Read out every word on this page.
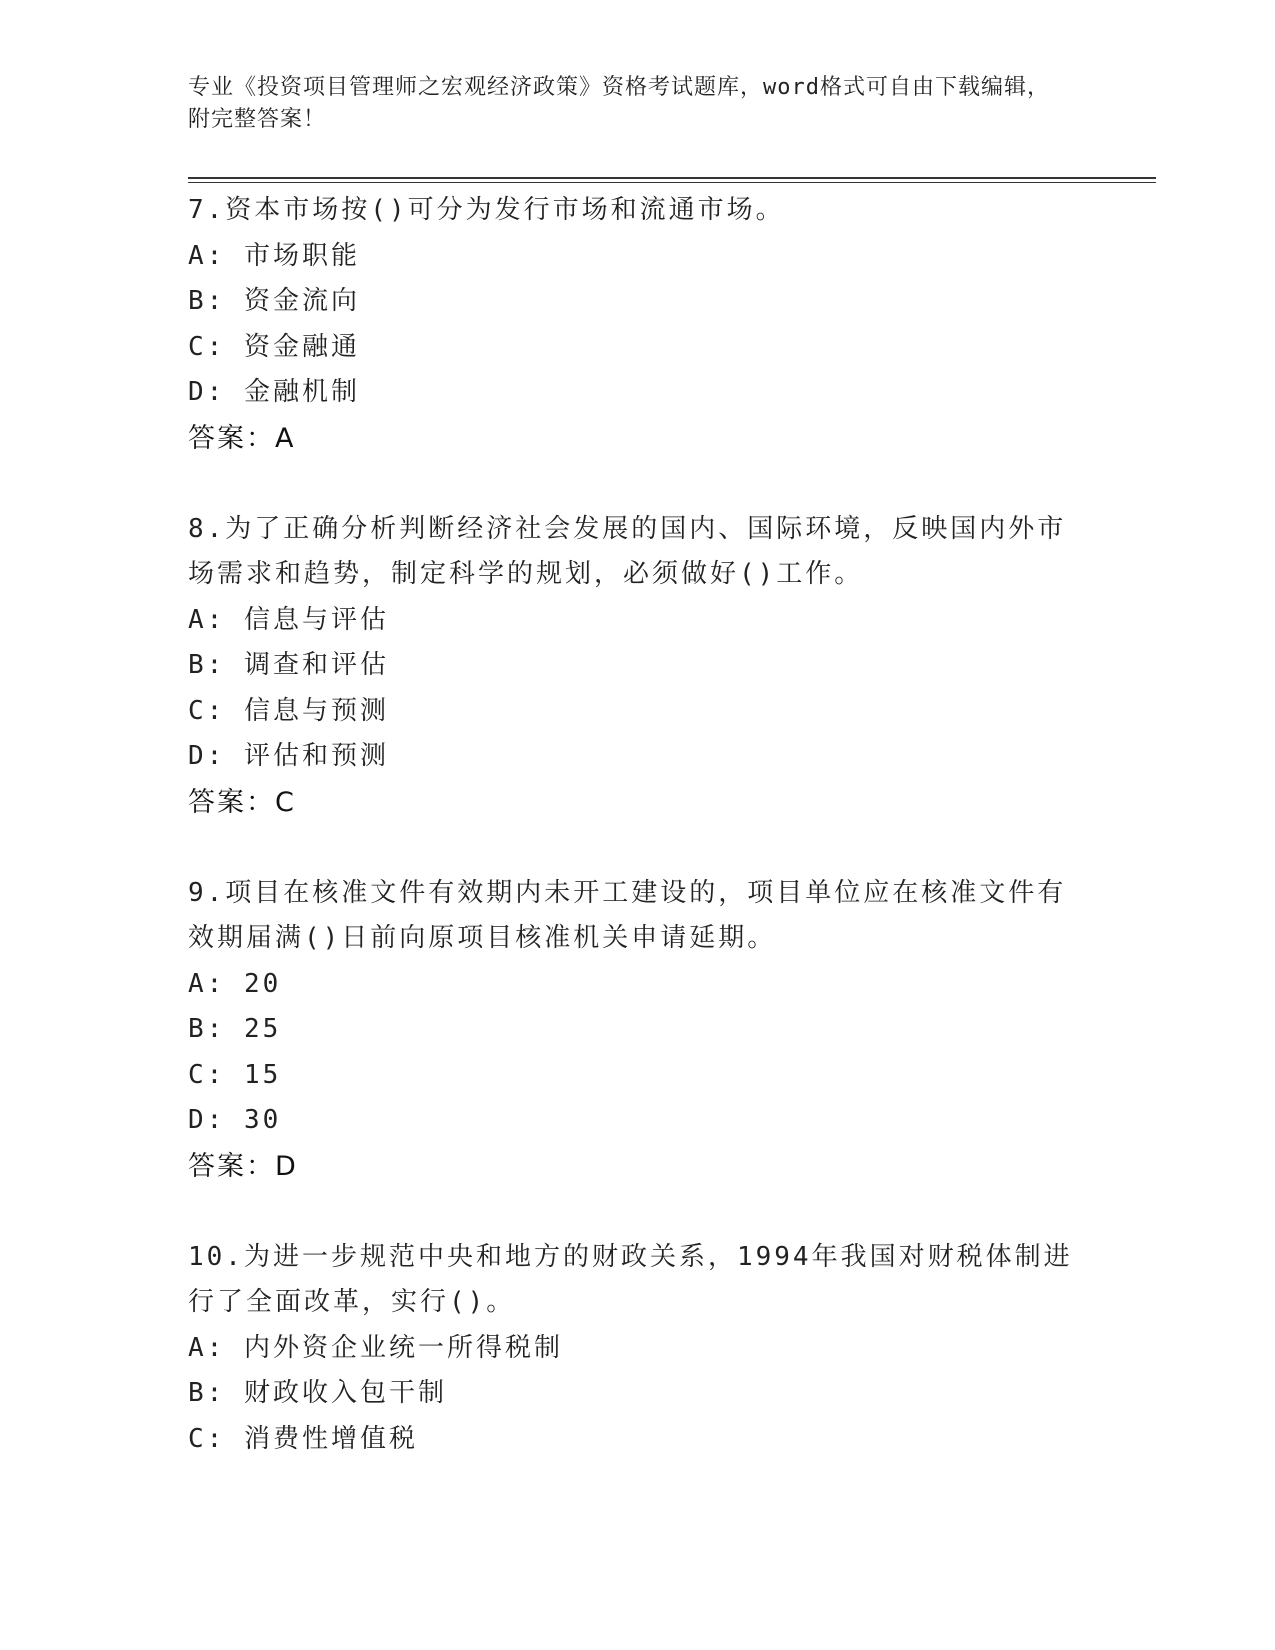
专业《投资项目管理师之宏观经济政策》资格考试题库，word格式可自由下载编辑，附完整答案！
7.资本市场按()可分为发行市场和流通市场。
A: 市场职能
B: 资金流向
C: 资金融通
D: 金融机制
答案：A
8.为了正确分析判断经济社会发展的国内、国际环境，反映国内外市场需求和趋势，制定科学的规划，必须做好()工作。
A: 信息与评估
B: 调查和评估
C: 信息与预测
D: 评估和预测
答案：C
9.项目在核准文件有效期内未开工建设的，项目单位应在核准文件有效期届满()日前向原项目核准机关申请延期。
A: 20
B: 25
C: 15
D: 30
答案：D
10.为进一步规范中央和地方的财政关系，1994年我国对财税体制进行了全面改革，实行()。
A: 内外资企业统一所得税制
B: 财政收入包干制
C: 消费性增值税
